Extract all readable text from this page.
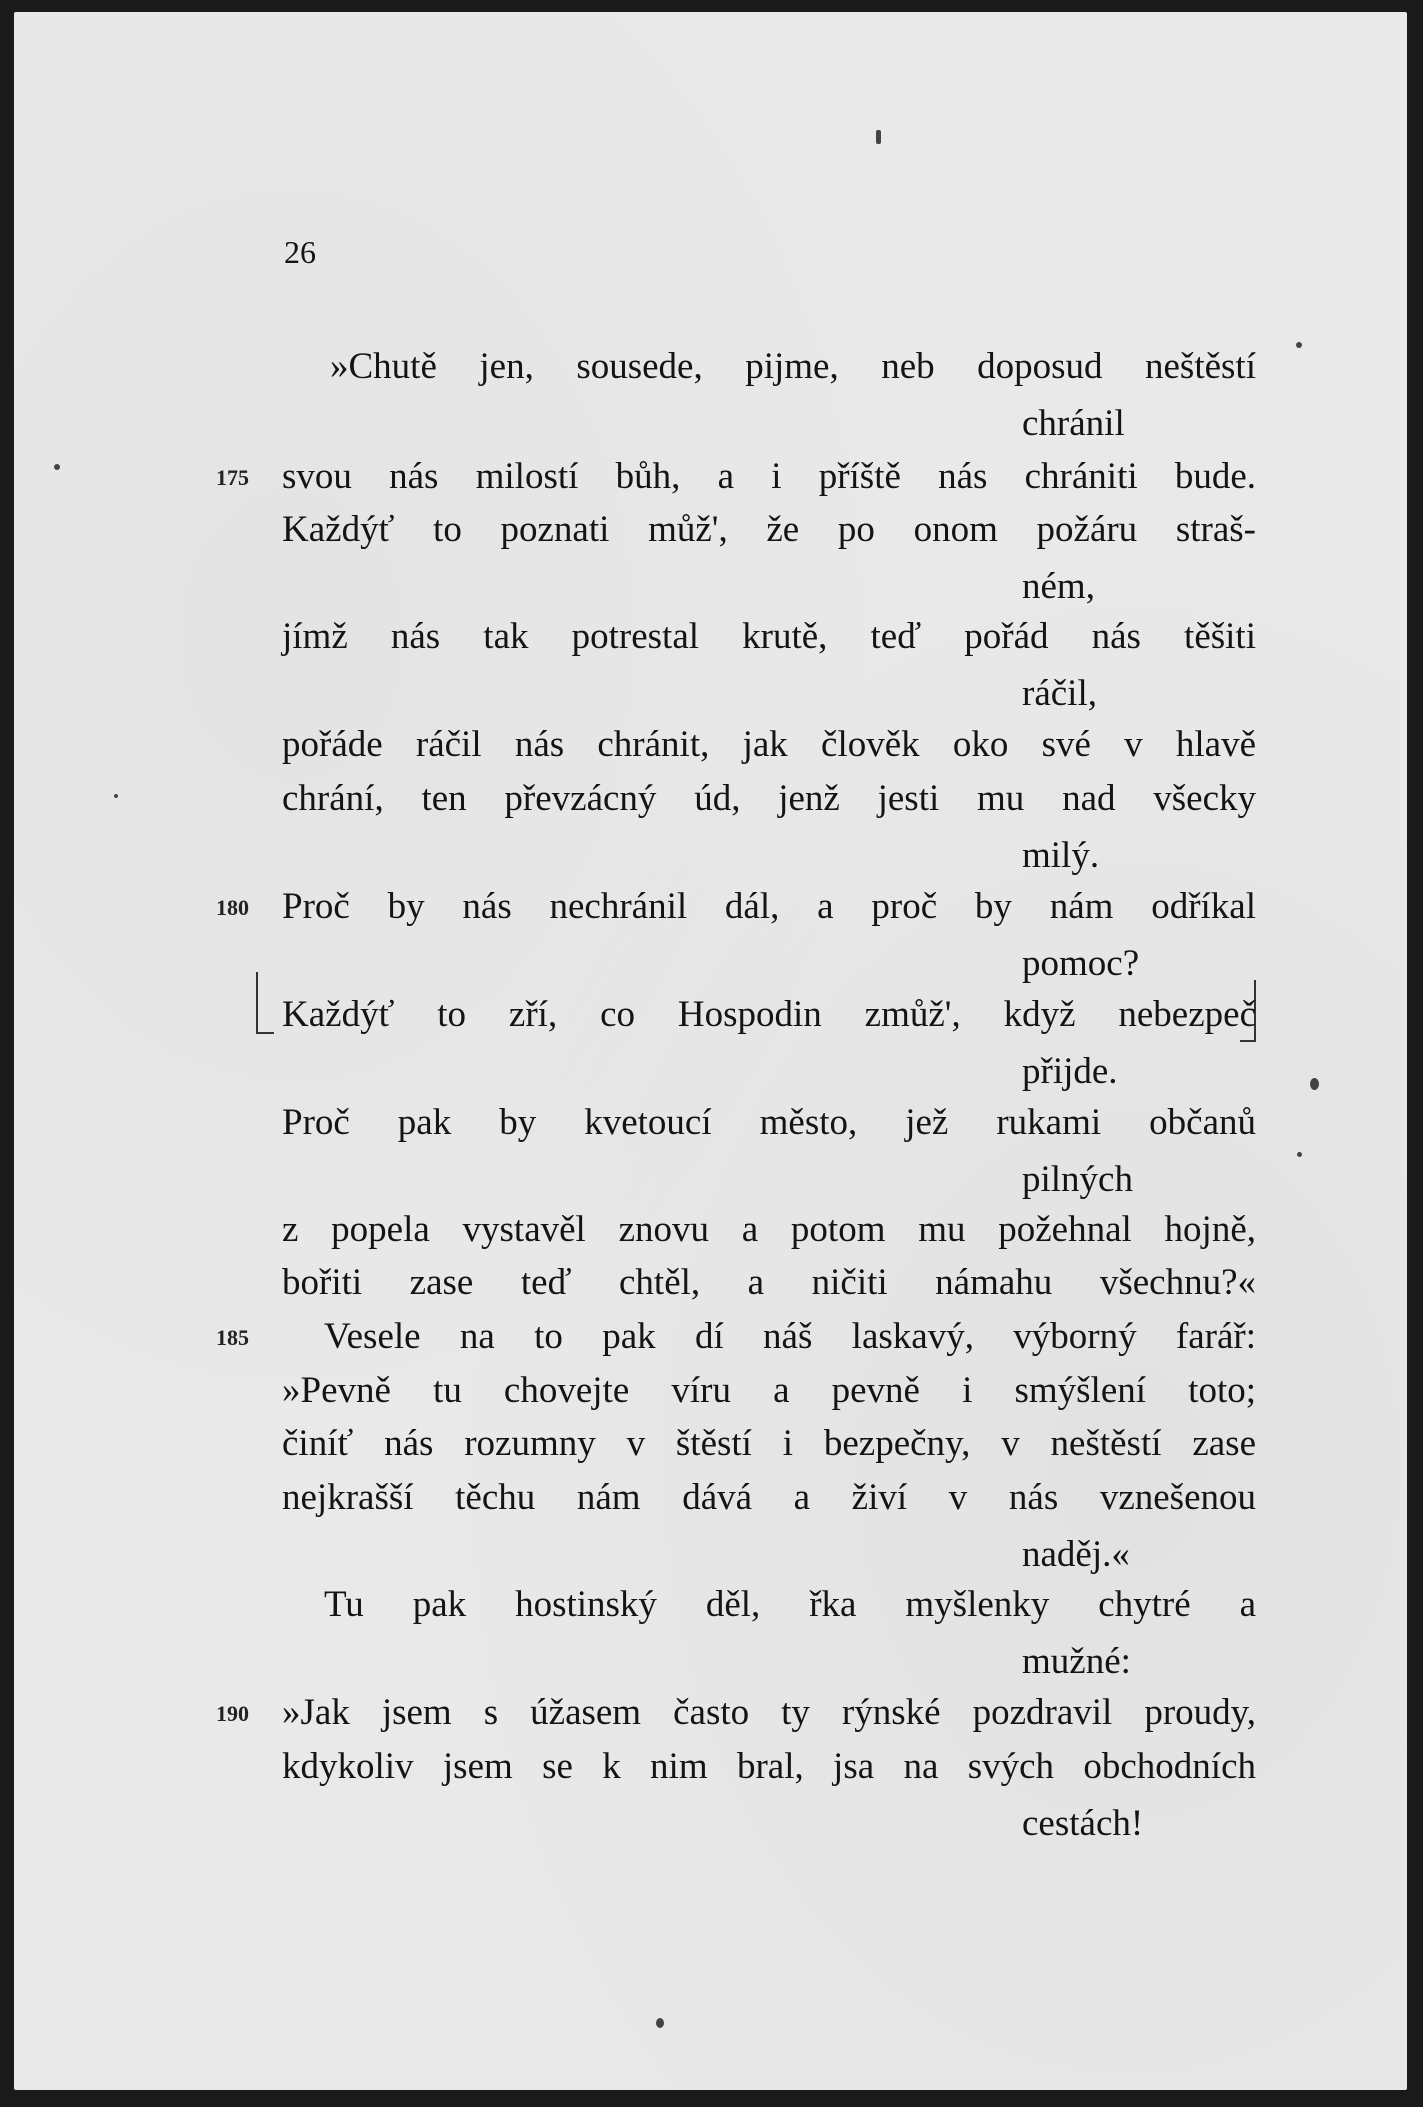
26
»Chutě jen, sousede, pijme, neb doposud neštěstí
chránil
175 svou nás milostí bůh, a i příště nás chrániti bude.
Každýť to poznati můž', že po onom požáru straš-
ném,
jímž nás tak potrestal krutě, teď pořád nás těšiti
ráčil,
pořáde ráčil nás chránit, jak člověk oko své v hlavě
chrání, ten převzácný úd, jenž jesti mu nad všecky
milý.
180 Proč by nás nechránil dál, a proč by nám odříkal
pomoc?
Každýť to zří, co Hospodin zmůž', když nebezpeč
přijde.
Proč pak by kvetoucí město, jež rukami občanů
pilných
z popela vystavěl znovu a potom mu požehnal hojně,
bořiti zase teď chtěl, a ničiti námahu všechnu?«
185 Vesele na to pak dí náš laskavý, výborný farář:
»Pevně tu chovejte víru a pevně i smýšlení toto;
činíť nás rozumny v štěstí i bezpečny, v neštěstí zase
nejkrašší těchu nám dává a živí v nás vznešenou
naděj.«
Tu pak hostinský děl, řka myšlenky chytré a
mužné:
190 »Jak jsem s úžasem často ty rýnské pozdravil proudy,
kdykoliv jsem se k nim bral, jsa na svých obchodních
cestách!
